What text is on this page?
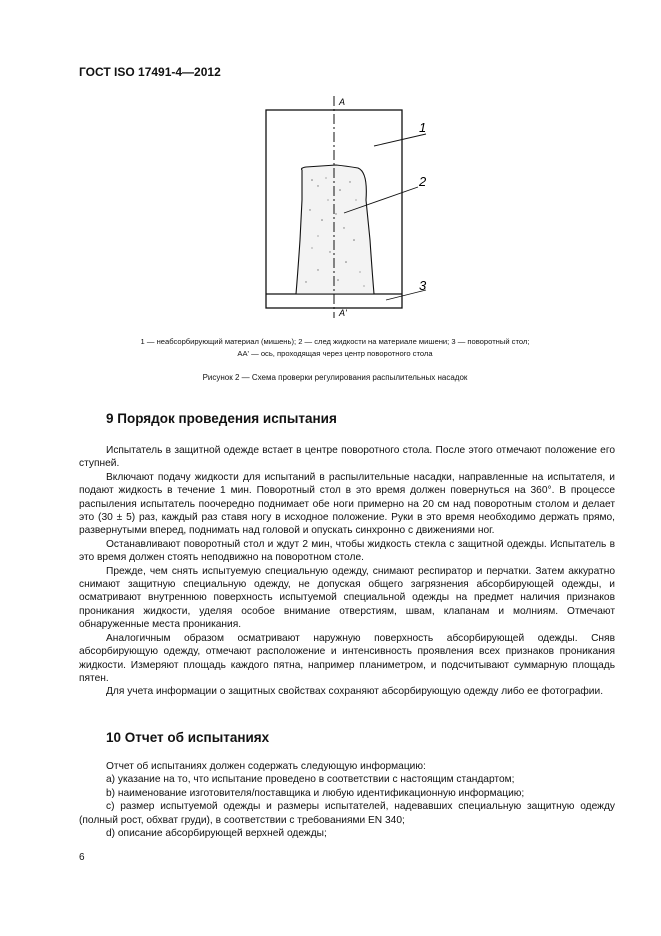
ГОСТ ISO 17491-4—2012
A
A'
1
2
3
1 — неабсорбирующий материал (мишень); 2 — след жидкости на материале мишени; 3 — поворотный стол;
AA' — ось, проходящая через центр поворотного стола
Рисунок 2 — Схема проверки регулирования распылительных насадок
9 Порядок проведения испытания

Испытатель в защитной одежде встает в центре поворотного стола. После этого отмечают положение его ступней.

Включают подачу жидкости для испытаний в распылительные насадки, направленные на испытателя, и подают жидкость в течение 1 мин. Поворотный стол в это время должен повернуться на 360°. В процессе распыления испытатель поочередно поднимает обе ноги примерно на 20 см над поворотным столом и делает это (30 ± 5) раз, каждый раз ставя ногу в исходное положение. Руки в это время необходимо держать прямо, развернутыми вперед, поднимать над головой и опускать синхронно с движениями ног.

Останавливают поворотный стол и ждут 2 мин, чтобы жидкость стекла с защитной одежды. Испытатель в это время должен стоять неподвижно на поворотном столе.

Прежде, чем снять испытуемую специальную одежду, снимают респиратор и перчатки. Затем аккуратно снимают защитную специальную одежду, не допуская общего загрязнения абсорбирующей одежды, и осматривают внутреннюю поверхность испытуемой специальной одежды на предмет наличия признаков проникания жидкости, уделяя особое внимание отверстиям, швам, клапанам и молниям. Отмечают обнаруженные места проникания.

Аналогичным образом осматривают наружную поверхность абсорбирующей одежды. Сняв абсорбирующую одежду, отмечают расположение и интенсивность проявления всех признаков проникания жидкости. Измеряют площадь каждого пятна, например планиметром, и подсчитывают суммарную площадь пятен.

Для учета информации о защитных свойствах сохраняют абсорбирующую одежду либо ее фотографии.

10 Отчет об испытаниях

Отчет об испытаниях должен содержать следующую информацию:

a) указание на то, что испытание проведено в соответствии с настоящим стандартом;

b) наименование изготовителя/поставщика и любую идентификационную информацию;

c) размер испытуемой одежды и размеры испытателей, надевавших специальную защитную одежду (полный рост, обхват груди), в соответствии с требованиями EN 340;

d) описание абсорбирующей верхней одежды;

6
